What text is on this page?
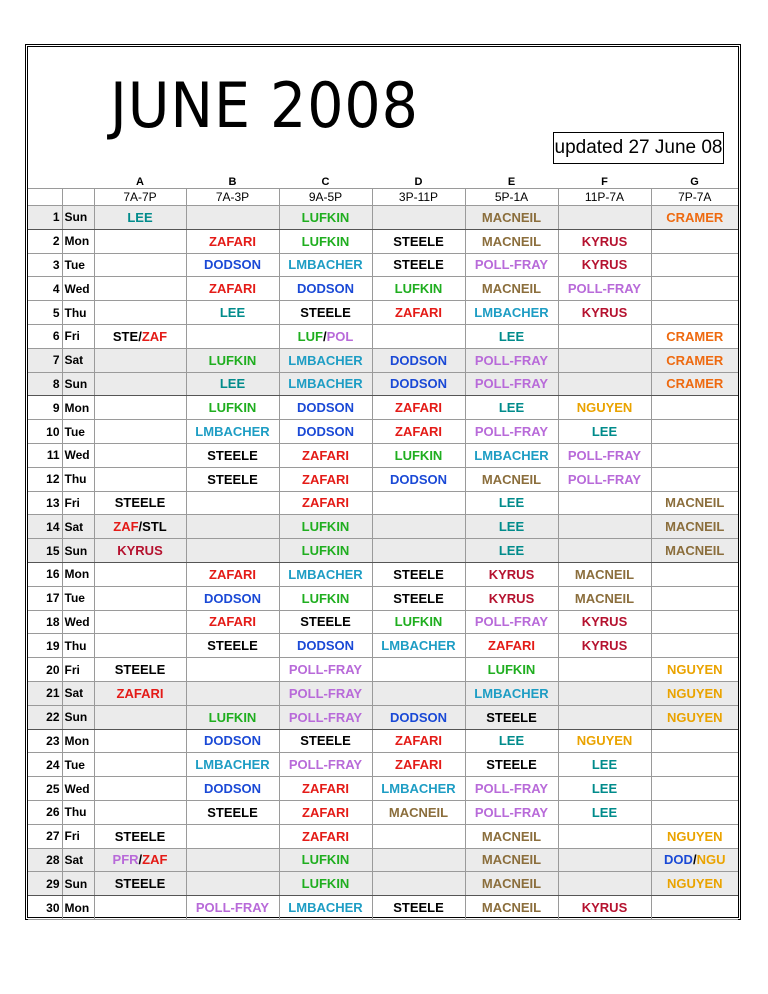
JUNE 2008
updated 27 June 08
		A	B	C	D	E	F	G
		7A-7P	7A-3P	9A-5P	3P-11P	5P-1A	11P-7A	7P-7A
1	Sun	LEE		LUFKIN		MACNEIL		CRAMER
2	Mon		ZAFARI	LUFKIN	STEELE	MACNEIL	KYRUS	
3	Tue		DODSON	LMBACHER	STEELE	POLL-FRAY	KYRUS	
4	Wed		ZAFARI	DODSON	LUFKIN	MACNEIL	POLL-FRAY	
5	Thu		LEE	STEELE	ZAFARI	LMBACHER	KYRUS	
6	Fri	STE/ZAF		LUF/POL		LEE		CRAMER
7	Sat		LUFKIN	LMBACHER	DODSON	POLL-FRAY		CRAMER
8	Sun		LEE	LMBACHER	DODSON	POLL-FRAY		CRAMER
9	Mon		LUFKIN	DODSON	ZAFARI	LEE	NGUYEN	
10	Tue		LMBACHER	DODSON	ZAFARI	POLL-FRAY	LEE	
11	Wed		STEELE	ZAFARI	LUFKIN	LMBACHER	POLL-FRAY	
12	Thu		STEELE	ZAFARI	DODSON	MACNEIL	POLL-FRAY	
13	Fri	STEELE		ZAFARI		LEE		MACNEIL
14	Sat	ZAF/STL		LUFKIN		LEE		MACNEIL
15	Sun	KYRUS		LUFKIN		LEE		MACNEIL
16	Mon		ZAFARI	LMBACHER	STEELE	KYRUS	MACNEIL	
17	Tue		DODSON	LUFKIN	STEELE	KYRUS	MACNEIL	
18	Wed		ZAFARI	STEELE	LUFKIN	POLL-FRAY	KYRUS	
19	Thu		STEELE	DODSON	LMBACHER	ZAFARI	KYRUS	
20	Fri	STEELE		POLL-FRAY		LUFKIN		NGUYEN
21	Sat	ZAFARI		POLL-FRAY		LMBACHER		NGUYEN
22	Sun		LUFKIN	POLL-FRAY	DODSON	STEELE		NGUYEN
23	Mon		DODSON	STEELE	ZAFARI	LEE	NGUYEN	
24	Tue		LMBACHER	POLL-FRAY	ZAFARI	STEELE	LEE	
25	Wed		DODSON	ZAFARI	LMBACHER	POLL-FRAY	LEE	
26	Thu		STEELE	ZAFARI	MACNEIL	POLL-FRAY	LEE	
27	Fri	STEELE		ZAFARI		MACNEIL		NGUYEN
28	Sat	PFR/ZAF		LUFKIN		MACNEIL		DOD/NGU
29	Sun	STEELE		LUFKIN		MACNEIL		NGUYEN
30	Mon		POLL-FRAY	LMBACHER	STEELE	MACNEIL	KYRUS	
